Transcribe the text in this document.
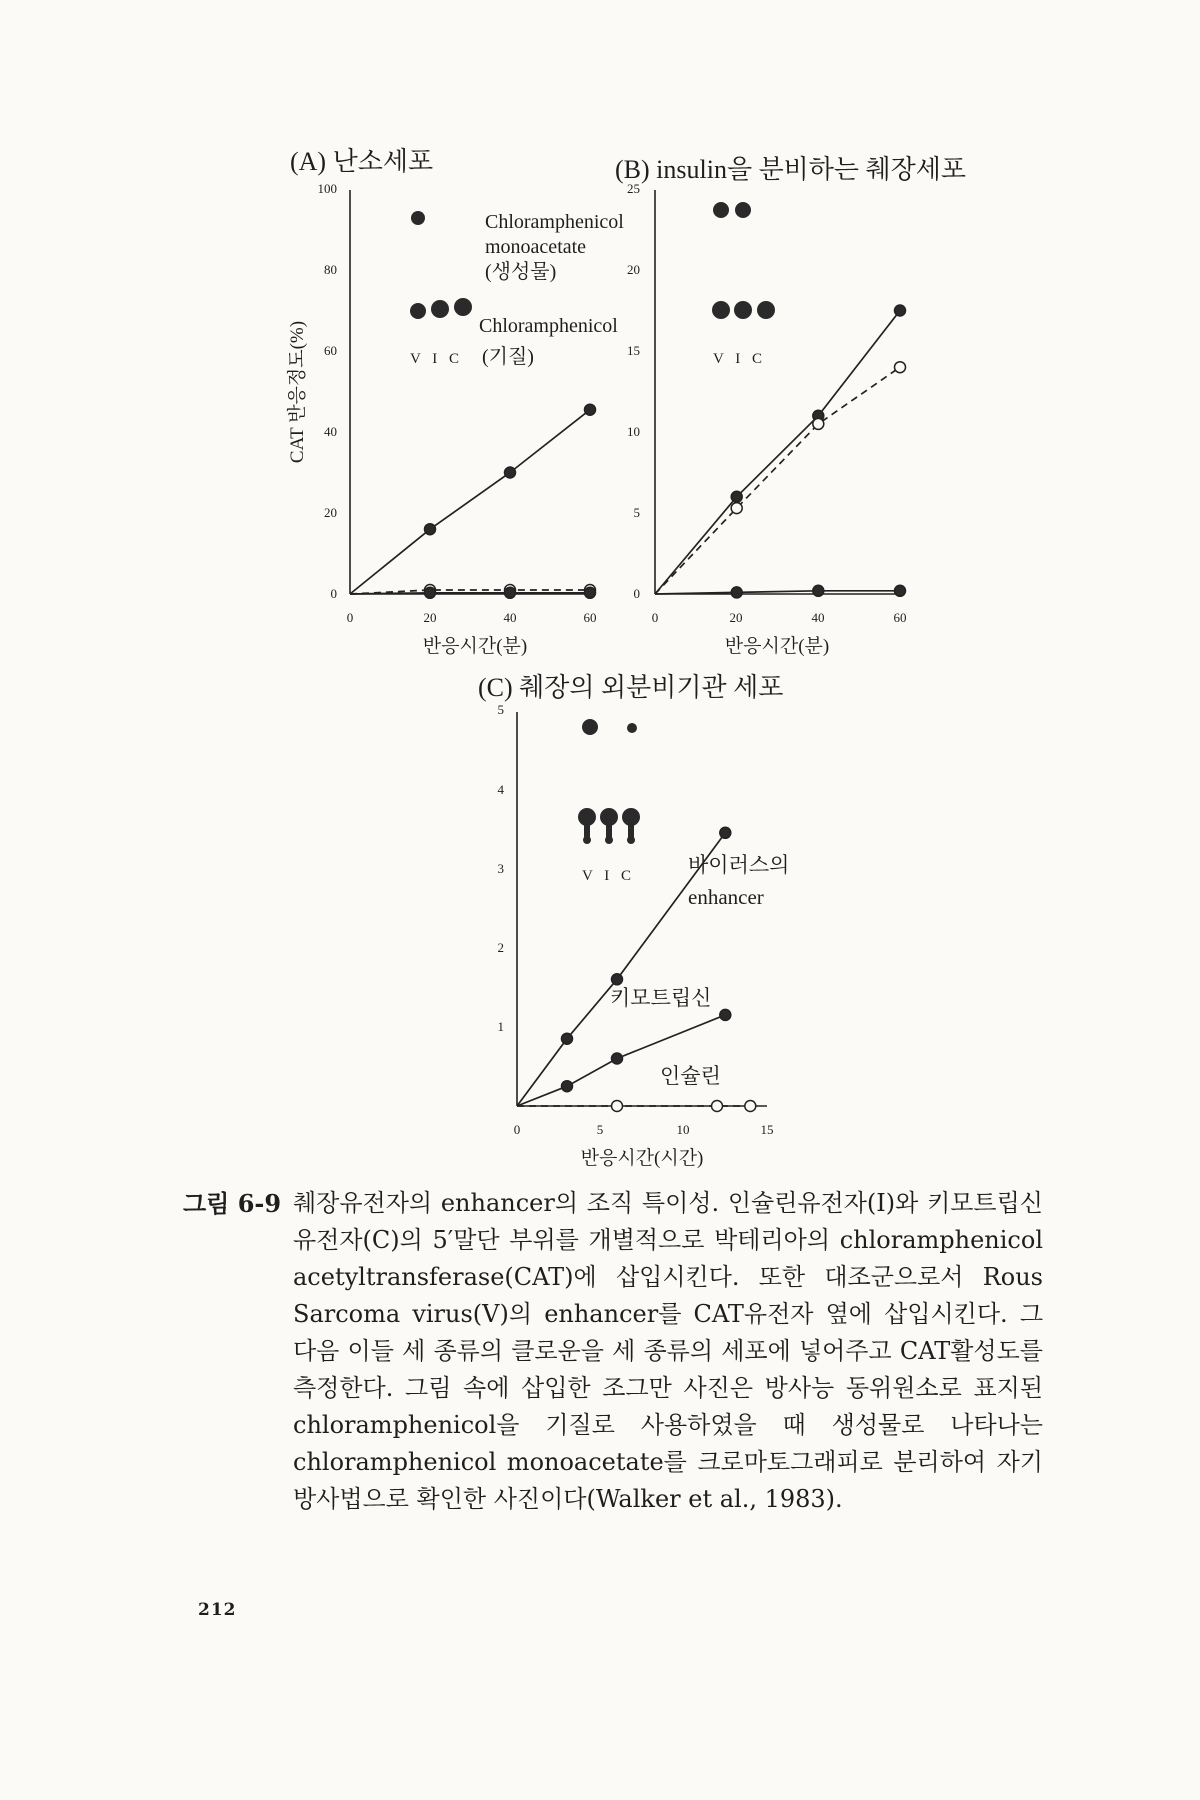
(A) 난소세포	(B) insulin을 분비하는 췌장세포
(C) 췌장의 외분비기관 세포
CAT 반응정도(%)
반응시간(분)
0
20
40
60
80
100
0	20	40	60
V I C
Chloramphenicol
monoacetate
(생성물)
Chloramphenicol
(기질)
반응시간(분)
0
5
10
15
20
25
0	20	40	60
V I C
반응시간(시간)
1
2
3
4
5
0	5	10	15
V I C	바이러스의
enhancer
키모트립신
인슐린
그림 6-9 췌장유전자의 enhancer의 조직 특이성. 인슐린유전자(I)와 키모트립신유전자(C)의 5′말단 부위를 개별적으로 박테리아의 chloramphenicol acetyltransferase(CAT)에 삽입시킨다. 또한 대조군으로서 Rous Sarcoma virus(V)의 enhancer를 CAT유전자 옆에 삽입시킨다. 그 다음 이들 세 종류의 클로운을 세 종류의 세포에 넣어주고 CAT활성도를 측정한다. 그림 속에 삽입한 조그만 사진은 방사능 동위원소로 표지된 chloramphenicol을 기질로 사용하였을 때 생성물로 나타나는 chloramphenicol monoacetate를 크로마토그래피로 분리하여 자기방사법으로 확인한 사진이다(Walker et al., 1983).
212
